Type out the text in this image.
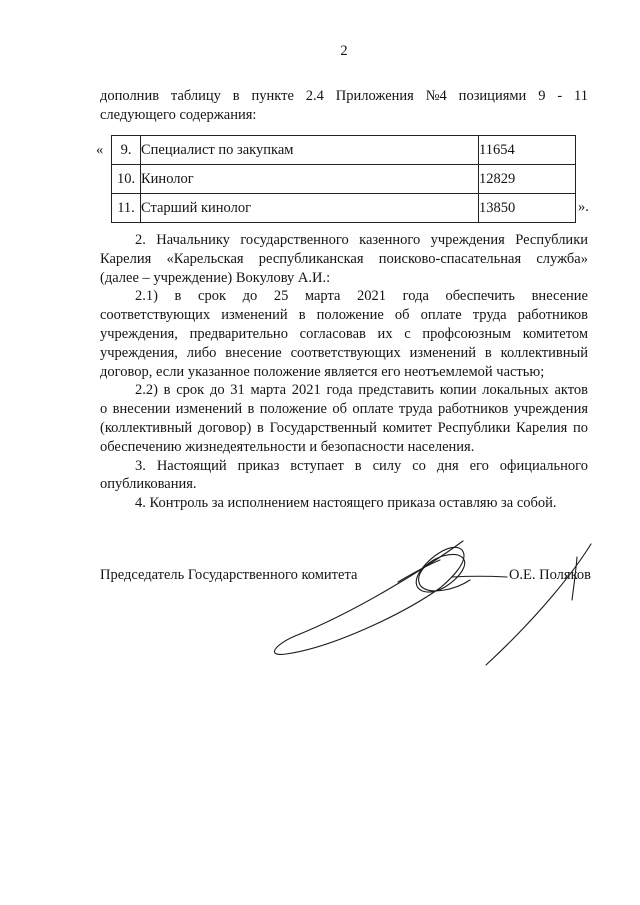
2
дополнив таблицу в пункте 2.4 Приложения №4 позициями 9 - 11
следующего содержания:
« 9.	Специалист по закупкам	11654
10.	Кинолог	12829
11.	Старший кинолог	13850	».
2. Начальнику государственного казенного учреждения Республики
Карелия «Карельская республиканская поисково-спасательная служба»
(далее – учреждение) Вокулову А.И.:
2.1) в срок до 25 марта 2021 года обеспечить внесение
соответствующих изменений в положение об оплате труда работников
учреждения, предварительно согласовав их с профсоюзным комитетом
учреждения, либо внесение соответствующих изменений в коллективный
договор, если указанное положение является его неотъемлемой частью;
2.2) в срок до 31 марта 2021 года представить копии локальных актов
о внесении изменений в положение об оплате труда работников учреждения
(коллективный договор) в Государственный комитет Республики Карелия по
обеспечению жизнедеятельности и безопасности населения.
3. Настоящий приказ вступает в силу со дня его официального
опубликования.
4. Контроль за исполнением настоящего приказа оставляю за собой.
Председатель Государственного комитета	О.Е. Поляков
